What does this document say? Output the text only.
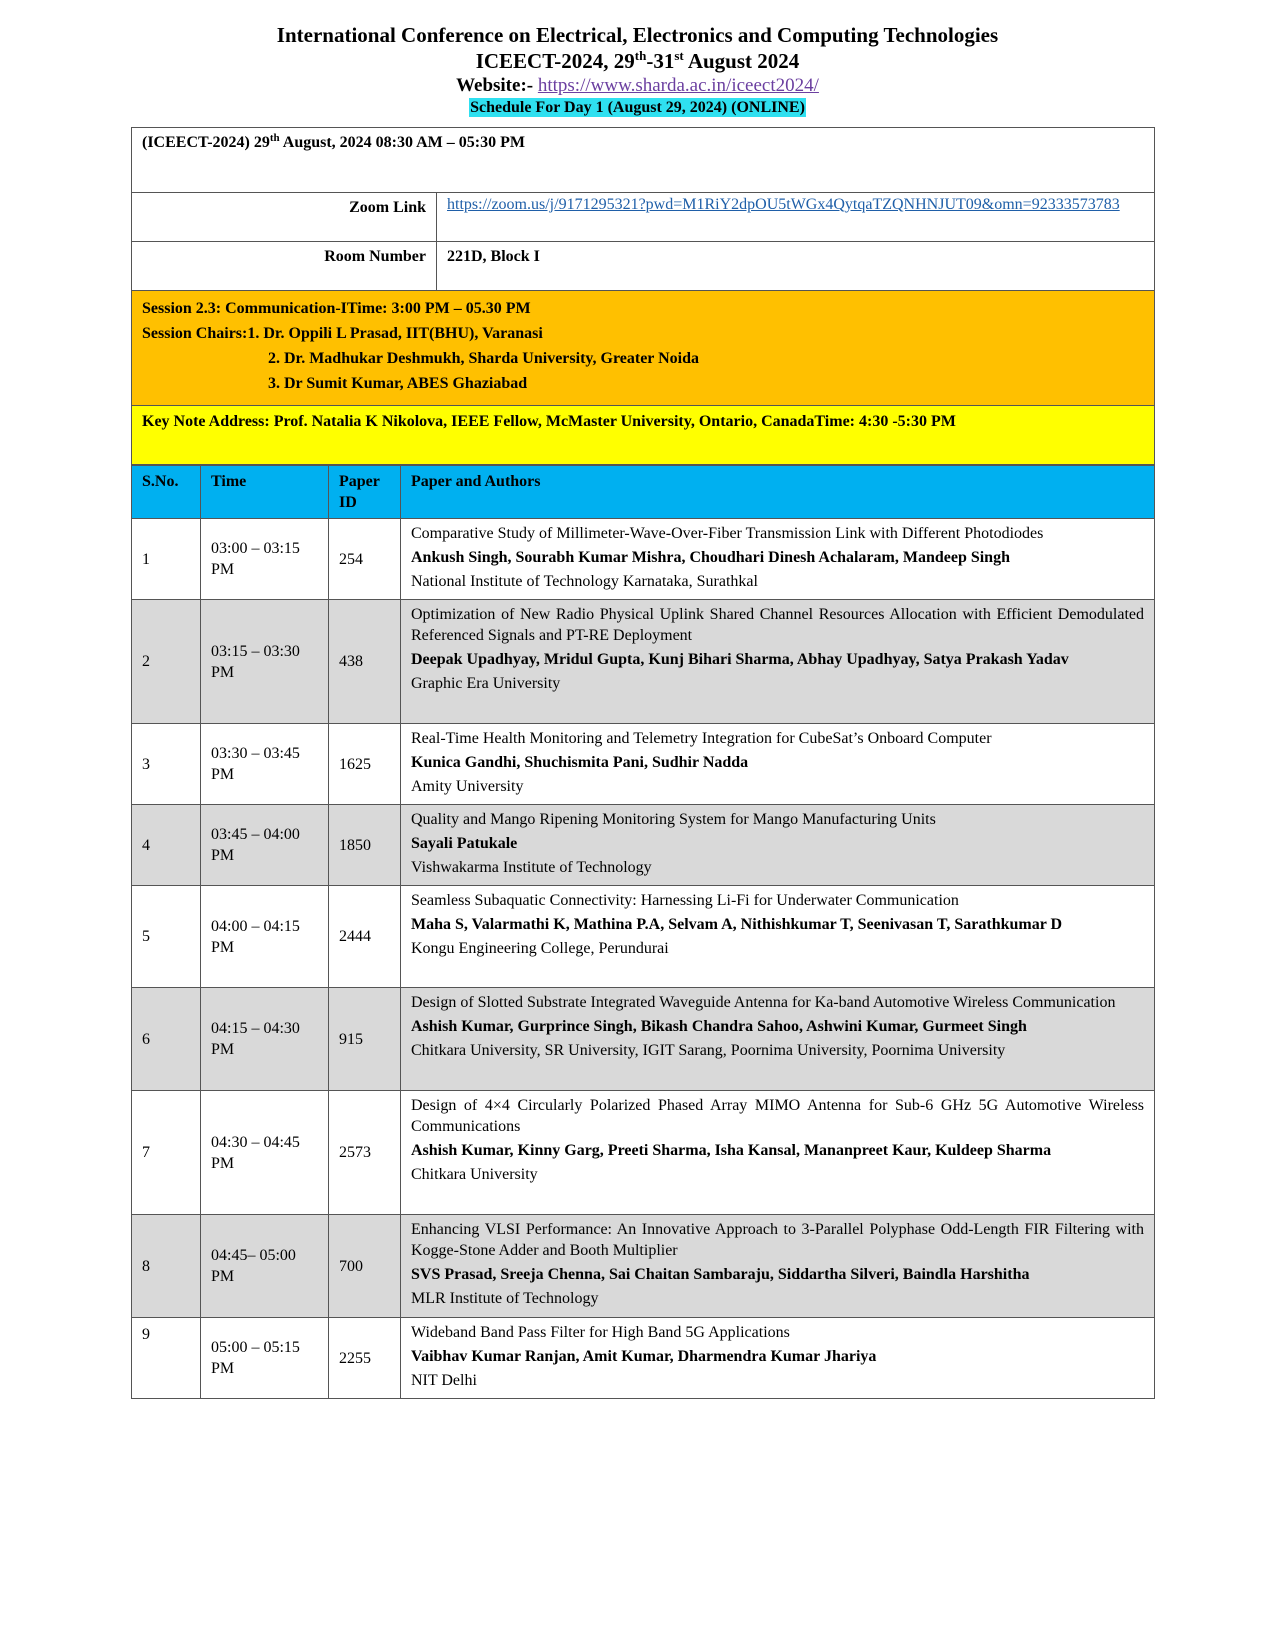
International Conference on Electrical, Electronics and Computing Technologies
ICEECT-2024, 29th-31st August 2024
Website:- https://www.sharda.ac.in/iceect2024/
Schedule For Day 1 (August 29, 2024) (ONLINE)
(ICEECT-2024) 29th August, 2024 08:30 AM – 05:30 PM	
Zoom Link	https://zoom.us/j/9171295321?pwd=M1RiY2dpOU5tWGx4QytqaTZQNHNJUT09&omn=92333573783
Room Number	221D, Block I

Session 2.3: Communication-ITime: 3:00 PM – 05.30 PM
Session Chairs:1. Dr. Oppili L Prasad, IIT(BHU), Varanasi
2. Dr. Madhukar Deshmukh, Sharda University, Greater Noida
3. Dr Sumit Kumar, ABES Ghaziabad	

Key Note Address: Prof. Natalia K Nikolova, IEEE Fellow, McMaster University, Ontario, CanadaTime: 4:30 -5:30 PM	
S.No.	Time	Paper ID	Paper and Authors
1	03:00 – 03:15 PM	254	Comparative Study of Millimeter-Wave-Over-Fiber Transmission Link with Different Photodiodes
Ankush Singh, Sourabh Kumar Mishra, Choudhari Dinesh Achalaram, Mandeep Singh
National Institute of Technology Karnataka, Surathkal

2	03:15 – 03:30 PM	438	Optimization of New Radio Physical Uplink Shared Channel Resources Allocation with Efficient Demodulated Referenced Signals and PT-RE Deployment
Deepak Upadhyay, Mridul Gupta, Kunj Bihari Sharma, Abhay Upadhyay, Satya Prakash Yadav
Graphic Era University

3	03:30 – 03:45 PM	1625	Real-Time Health Monitoring and Telemetry Integration for CubeSat’s Onboard Computer
Kunica Gandhi, Shuchismita Pani, Sudhir Nadda
Amity University

4	03:45 – 04:00 PM	1850	Quality and Mango Ripening Monitoring System for Mango Manufacturing Units
Sayali Patukale
Vishwakarma Institute of Technology

5	04:00 – 04:15 PM	2444	Seamless Subaquatic Connectivity: Harnessing Li-Fi for Underwater Communication
Maha S, Valarmathi K, Mathina P.A, Selvam A, Nithishkumar T, Seenivasan T, Sarathkumar D
Kongu Engineering College, Perundurai

6	04:15 – 04:30 PM	915	Design of Slotted Substrate Integrated Waveguide Antenna for Ka-band Automotive Wireless Communication
Ashish Kumar, Gurprince Singh, Bikash Chandra Sahoo, Ashwini Kumar, Gurmeet Singh
Chitkara University, SR University, IGIT Sarang, Poornima University, Poornima University

7	04:30 – 04:45 PM	2573	Design of 4×4 Circularly Polarized Phased Array MIMO Antenna for Sub-6 GHz 5G Automotive Wireless Communications
Ashish Kumar, Kinny Garg, Preeti Sharma, Isha Kansal, Mananpreet Kaur, Kuldeep Sharma
Chitkara University

8	04:45– 05:00 PM	700	Enhancing VLSI Performance: An Innovative Approach to 3-Parallel Polyphase Odd-Length FIR Filtering with Kogge-Stone Adder and Booth Multiplier
SVS Prasad, Sreeja Chenna, Sai Chaitan Sambaraju, Siddartha Silveri, Baindla Harshitha
MLR Institute of Technology

9	05:00 – 05:15 PM	2255	Wideband Band Pass Filter for High Band 5G Applications
Vaibhav Kumar Ranjan, Amit Kumar, Dharmendra Kumar Jhariya
NIT Delhi
